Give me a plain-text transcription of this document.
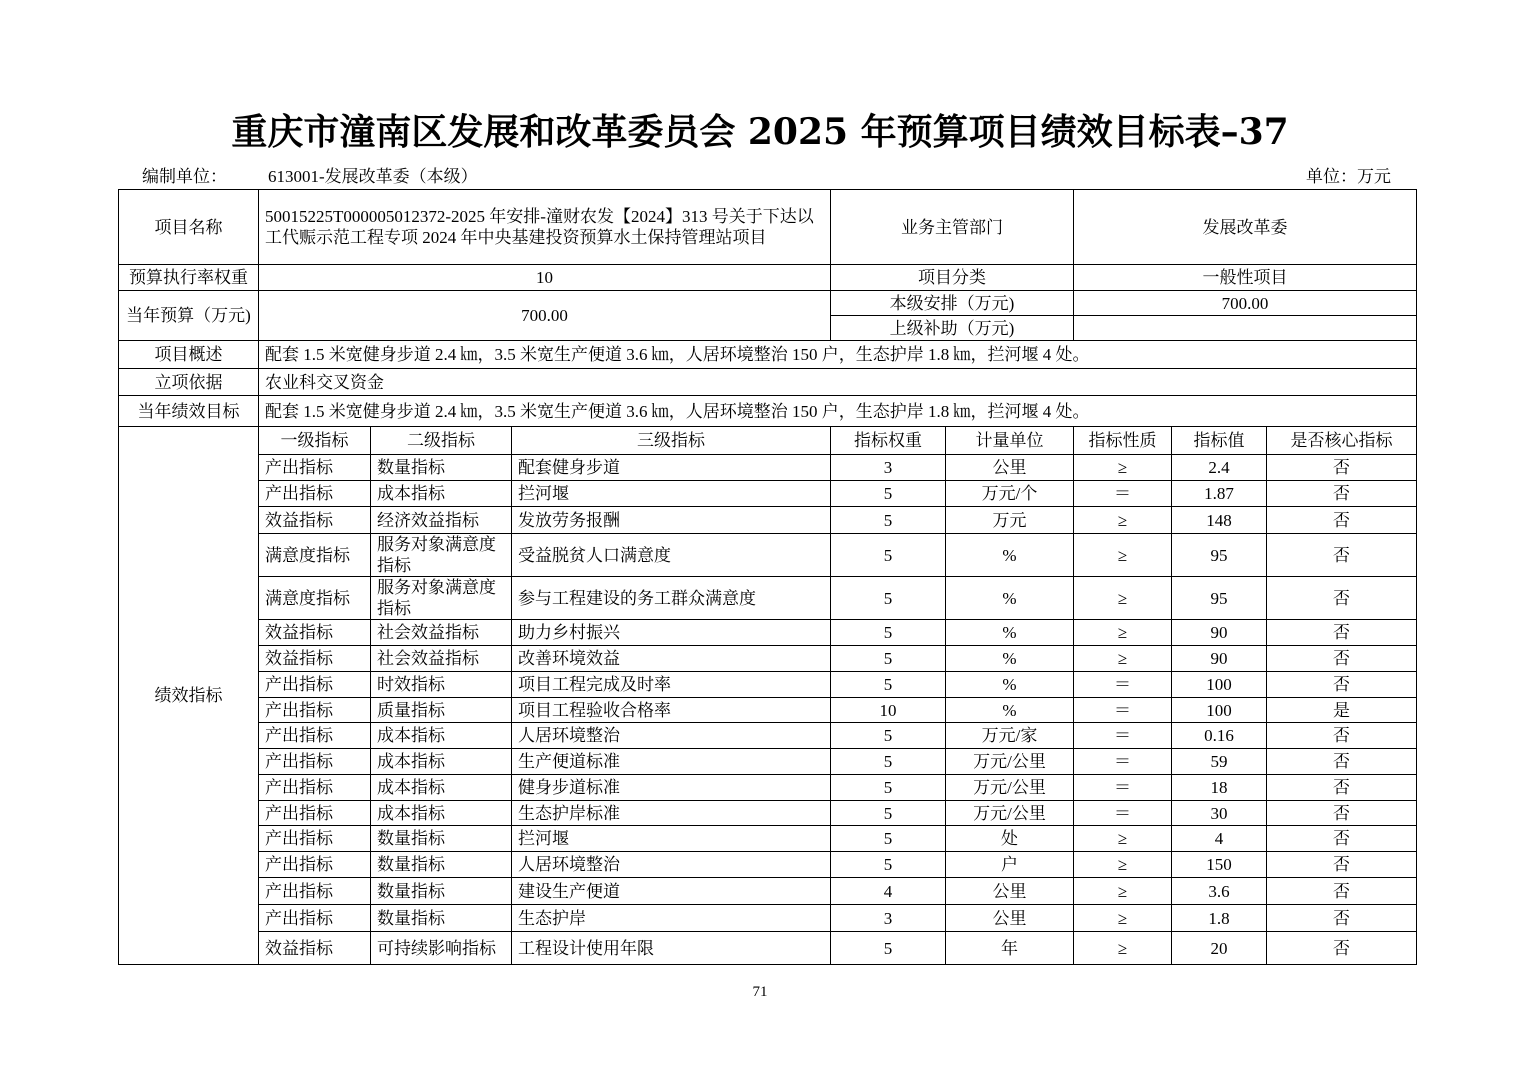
重庆市潼南区发展和改革委员会 2025 年预算项目绩效目标表–37
编制单位： 613001-发展改革委（本级）	单位：万元
项目名称	50015225T000005012372-2025 年安排-潼财农发【2024】313 号关于下达以工代赈示范工程专项 2024 年中央基建投资预算水土保持管理站项目			业务主管部门		发展改革委		
预算执行率权重	10			项目分类		一般性项目		
当年预算（万元)	700.00			本级安排（万元)		700.00		
				上级补助（万元)				
项目概述	配套 1.5 米宽健身步道 2.4 ㎞，3.5 米宽生产便道 3.6 ㎞，人居环境整治 150 户，生态护岸 1.8 ㎞，拦河堰 4 处。							
立项依据	农业科交叉资金							
当年绩效目标	配套 1.5 米宽健身步道 2.4 ㎞，3.5 米宽生产便道 3.6 ㎞，人居环境整治 150 户，生态护岸 1.8 ㎞，拦河堰 4 处。							
绩效指标	一级指标	二级指标	三级指标	指标权重	计量单位	指标性质	指标值	是否核心指标
	产出指标	数量指标	配套健身步道	3	公里	≥	2.4	否
	产出指标	成本指标	拦河堰	5	万元/个	＝	1.87	否
	效益指标	经济效益指标	发放劳务报酬	5	万元	≥	148	否
	满意度指标	服务对象满意度指标	受益脱贫人口满意度	5	%	≥	95	否
	满意度指标	服务对象满意度指标	参与工程建设的务工群众满意度	5	%	≥	95	否
	效益指标	社会效益指标	助力乡村振兴	5	%	≥	90	否
	效益指标	社会效益指标	改善环境效益	5	%	≥	90	否
	产出指标	时效指标	项目工程完成及时率	5	%	＝	100	否
	产出指标	质量指标	项目工程验收合格率	10	%	＝	100	是
	产出指标	成本指标	人居环境整治	5	万元/家	＝	0.16	否
	产出指标	成本指标	生产便道标准	5	万元/公里	＝	59	否
	产出指标	成本指标	健身步道标准	5	万元/公里	＝	18	否
	产出指标	成本指标	生态护岸标准	5	万元/公里	＝	30	否
	产出指标	数量指标	拦河堰	5	处	≥	4	否
	产出指标	数量指标	人居环境整治	5	户	≥	150	否
	产出指标	数量指标	建设生产便道	4	公里	≥	3.6	否
	产出指标	数量指标	生态护岸	3	公里	≥	1.8	否
	效益指标	可持续影响指标	工程设计使用年限	5	年	≥	20	否
71
